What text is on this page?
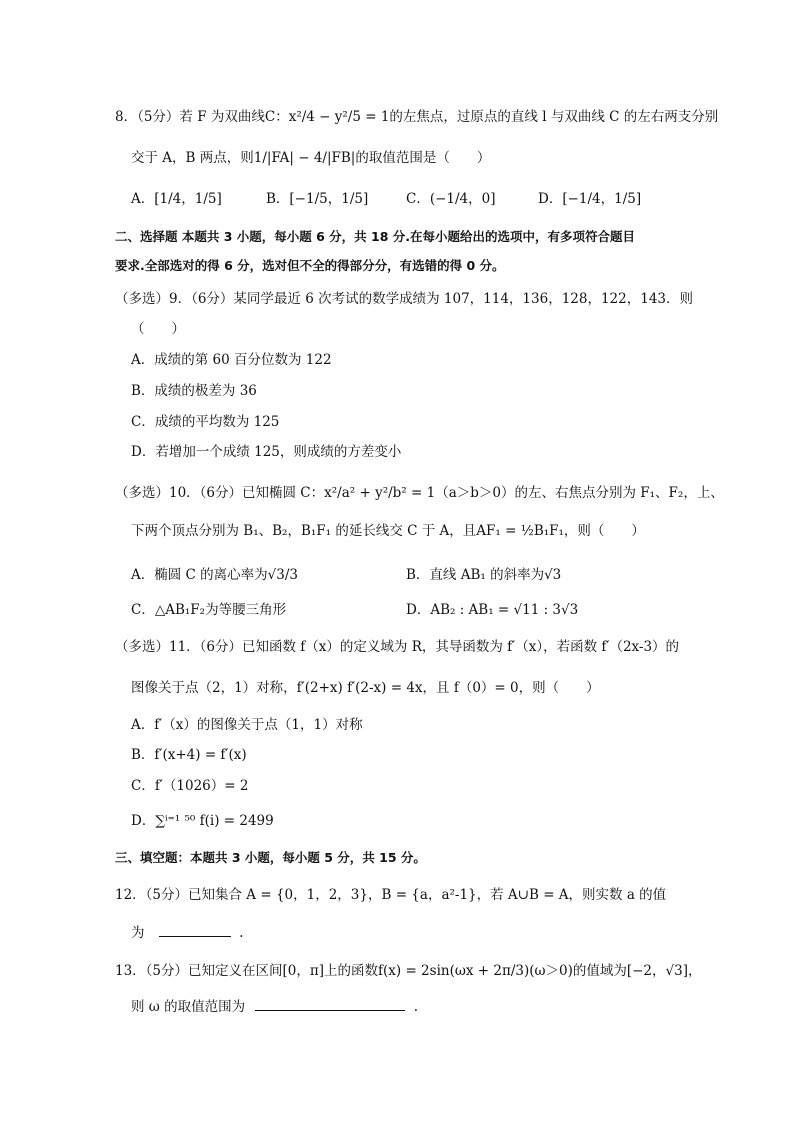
8．（5分）若 F 为双曲线C：x²/4 − y²/5 = 1的左焦点，过原点的直线 l 与双曲线 C 的左右两支分别
交于 A，B 两点，则1/|FA| − 4/|FB|的取值范围是（　　）
A．[1/4，1/5]	B．[−1/5，1/5]	C．(−1/4，0]	D．[−1/4，1/5]
二、选择题 本题共 3 小题，每小题 6 分，共 18 分.在每小题给出的选项中，有多项符合题目
要求.全部选对的得 6 分，选对但不全的得部分分，有选错的得 0 分。
（多选）9．（6分）某同学最近 6 次考试的数学成绩为 107，114，136，128，122，143．则
（　　）
A．成绩的第 60 百分位数为 122
B．成绩的极差为 36
C．成绩的平均数为 125
D．若增加一个成绩 125，则成绩的方差变小
（多选）10．（6分）已知椭圆 C：x²/a² + y²/b² = 1（a＞b＞0）的左、右焦点分别为 F₁、F₂，上、
下两个顶点分别为 B₁、B₂，B₁F₁ 的延长线交 C 于 A，且AF₁ = ½B₁F₁，则（　　）
A．椭圆 C 的离心率为√3/3	B．直线 AB₁ 的斜率为√3
C．△AB₁F₂为等腰三角形	D．AB₂ : AB₁ = √11 : 3√3
（多选）11．（6分）已知函数 f（x）的定义域为 R，其导函数为 f′（x），若函数 f′（2x-3）的
图像关于点（2，1）对称，f′(2+x) f′(2-x) = 4x，且 f（0）= 0，则（　　）
A．f′（x）的图像关于点（1，1）对称
B．f′(x+4) = f′(x)
C．f′（1026）= 2
D．∑ⁱ⁼¹ ⁵⁰ f(i) = 2499
三、填空题：本题共 3 小题，每小题 5 分，共 15 分。
12．（5分）已知集合 A = {0，1，2，3}，B = {a，a²-1}，若 A∪B = A，则实数 a 的值
为	.
13．（5分）已知定义在区间[0，π]上的函数f(x) = 2sin(ωx + 2π/3)(ω＞0)的值域为[−2，√3]，
则 ω 的取值范围为	.
